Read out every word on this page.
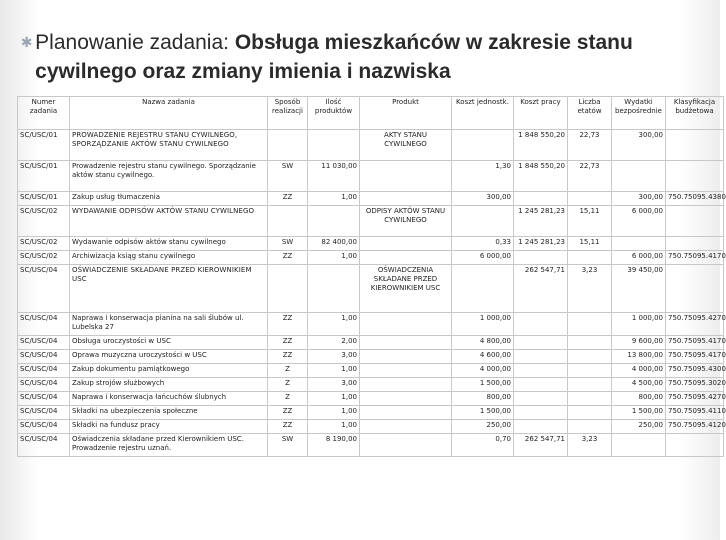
✱ Planowanie zadania: Obsługa mieszkańców w zakresie stanu cywilnego oraz zmiany imienia i nazwiska
Numer zadania	Nazwa zadania	Sposób realizacji	Ilość produktów	Produkt	Koszt jednostk.	Koszt pracy	Liczba etatów	Wydatki bezpośrednie	Klasyfikacja budżetowa
SC/USC/01	PROWADZENIE REJESTRU STANU CYWILNEGO, SPORZĄDZANIE AKTÓW STANU CYWILNEGO			AKTY STANU CYWILNEGO		1 848 550,20	22,73	300,00	
SC/USC/01	Prowadzenie rejestru stanu cywilnego. Sporządzanie aktów stanu cywilnego.	SW	11 030,00		1,30	1 848 550,20	22,73		
SC/USC/01	Zakup usług tłumaczenia	ZZ	1,00		300,00			300,00	750.75095.4380
SC/USC/02	WYDAWANIE ODPISÓW AKTÓW STANU CYWILNEGO			ODPISY AKTÓW STANU CYWILNEGO		1 245 281,23	15,11	6 000,00	
SC/USC/02	Wydawanie odpisów aktów stanu cywilnego	SW	82 400,00		0,33	1 245 281,23	15,11		
SC/USC/02	Archiwizacja ksiąg stanu cywilnego	ZZ	1,00		6 000,00			6 000,00	750.75095.4170
SC/USC/04	OŚWIADCZENIE SKŁADANE PRZED KIEROWNIKIEM USC			OŚWIADCZENIA SKŁADANE PRZED KIEROWNIKIEM USC		262 547,71	3,23	39 450,00	
SC/USC/04	Naprawa i konserwacja pianina na sali ślubów ul. Lubelska 27	ZZ	1,00		1 000,00			1 000,00	750.75095.4270
SC/USC/04	Obsługa uroczystości w USC	ZZ	2,00		4 800,00			9 600,00	750.75095.4170
SC/USC/04	Oprawa muzyczna uroczystości w USC	ZZ	3,00		4 600,00			13 800,00	750.75095.4170
SC/USC/04	Zakup dokumentu pamiątkowego	Z	1,00		4 000,00			4 000,00	750.75095.4300
SC/USC/04	Zakup strojów służbowych	Z	3,00		1 500,00			4 500,00	750.75095.3020
SC/USC/04	Naprawa i konserwacja łańcuchów ślubnych	Z	1,00		800,00			800,00	750.75095.4270
SC/USC/04	Składki na ubezpieczenia społeczne	ZZ	1,00		1 500,00			1 500,00	750.75095.4110
SC/USC/04	Składki na fundusz pracy	ZZ	1,00		250,00			250,00	750.75095.4120
SC/USC/04	Oświadczenia składane przed Kierownikiem USC. Prowadzenie rejestru uznań.	SW	8 190,00		0,70	262 547,71	3,23		
